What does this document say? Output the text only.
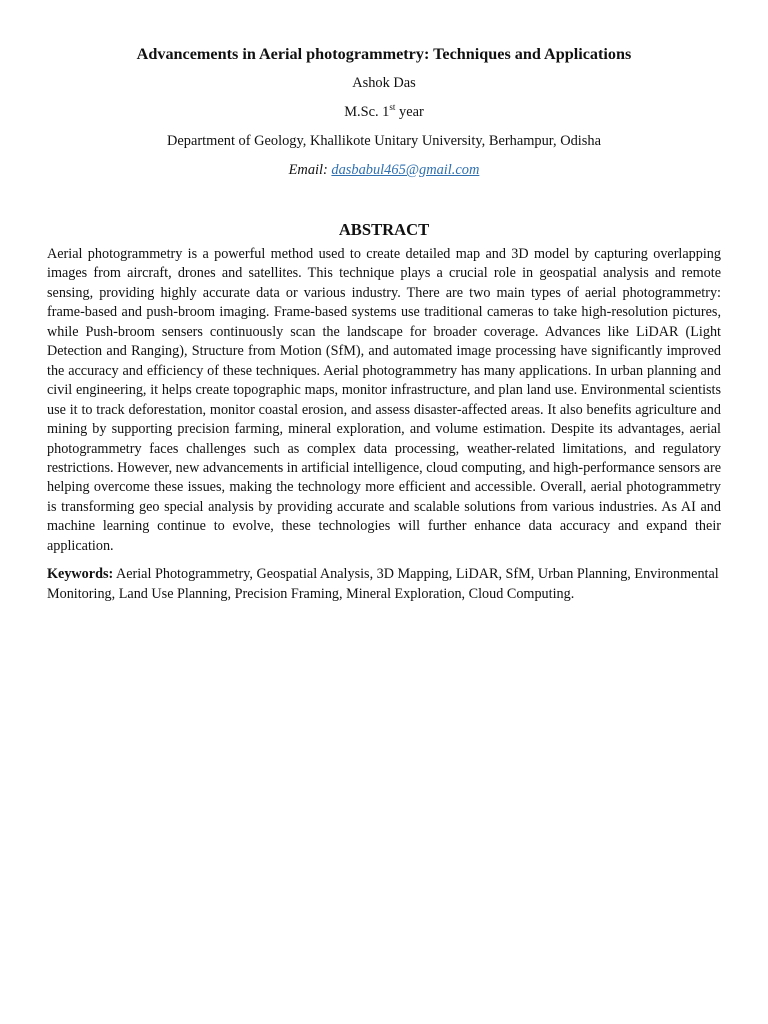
Advancements in Aerial photogrammetry: Techniques and Applications

Ashok Das

M.Sc. 1st year

Department of Geology, Khallikote Unitary University, Berhampur, Odisha

Email: dasbabul465@gmail.com

ABSTRACT

Aerial photogrammetry is a powerful method used to create detailed map and 3D model by capturing overlapping images from aircraft, drones and satellites. This technique plays a crucial role in geospatial analysis and remote sensing, providing highly accurate data or various industry. There are two main types of aerial photogrammetry: frame-based and push-broom imaging. Frame-based systems use traditional cameras to take high-resolution pictures, while Push-broom sensers continuously scan the landscape for broader coverage. Advances like LiDAR (Light Detection and Ranging), Structure from Motion (SfM), and automated image processing have significantly improved the accuracy and efficiency of these techniques. Aerial photogrammetry has many applications. In urban planning and civil engineering, it helps create topographic maps, monitor infrastructure, and plan land use. Environmental scientists use it to track deforestation, monitor coastal erosion, and assess disaster-affected areas. It also benefits agriculture and mining by supporting precision farming, mineral exploration, and volume estimation. Despite its advantages, aerial photogrammetry faces challenges such as complex data processing, weather-related limitations, and regulatory restrictions. However, new advancements in artificial intelligence, cloud computing, and high-performance sensors are helping overcome these issues, making the technology more efficient and accessible. Overall, aerial photogrammetry is transforming geo special analysis by providing accurate and scalable solutions from various industries. As AI and machine learning continue to evolve, these technologies will further enhance data accuracy and expand their application.

Keywords: Aerial Photogrammetry, Geospatial Analysis, 3D Mapping, LiDAR, SfM, Urban Planning, Environmental Monitoring, Land Use Planning, Precision Framing, Mineral Exploration, Cloud Computing.
